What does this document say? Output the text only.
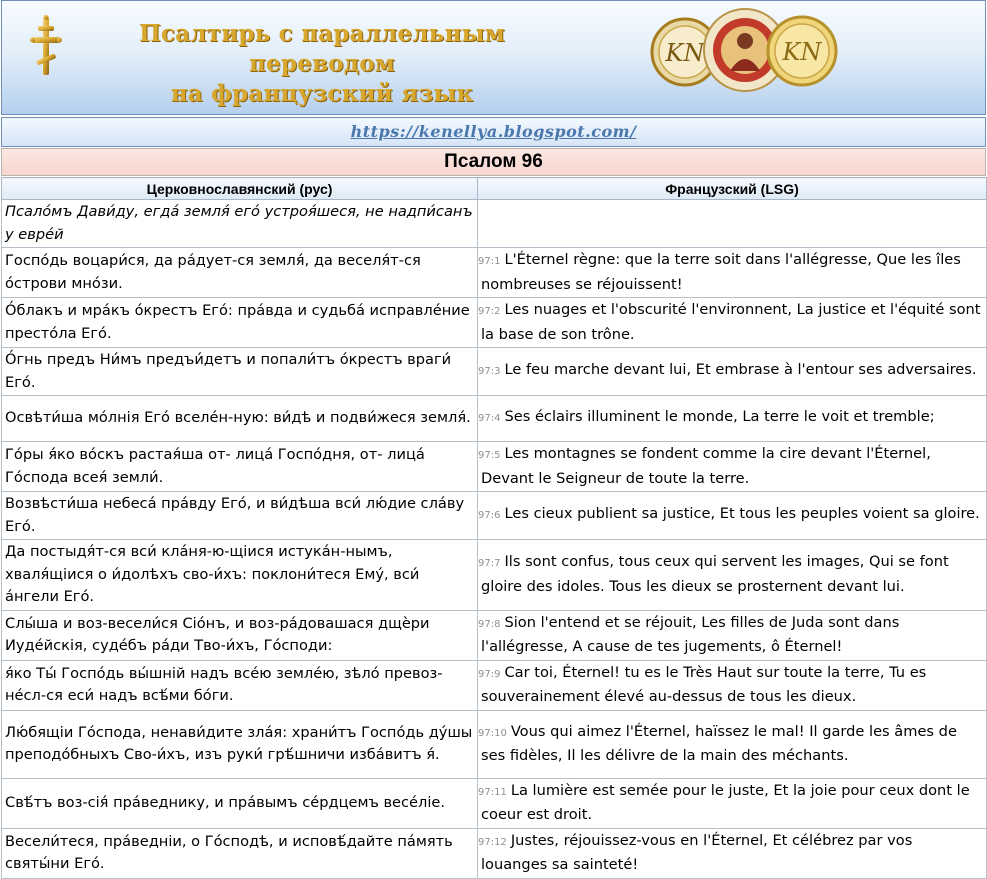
Псалтирь с параллельным переводом
на французский язык
KN	KN
https://kenellya.blogspot.com/
Псалом 96
Церковнославянский (рус)	Французский (LSG)
Псало́мъ Дави́ду, егда́ земля́ его́ устроя́шеся, не надпи́санъ у евре́й	
Госпо́дь воцари́ся, да ра́дует-ся земля́, да веселя́т-ся о́строви мно́зи.	97:1 L'Éternel règne: que la terre soit dans l'allégresse, Que les îles nombreuses se réjouissent!
О́блакъ и мра́къ о́крестъ Его́: пра́вда и судьба́ исправле́ние престо́ла Его́.	97:2 Les nuages et l'obscurité l'environnent, La justice et l'équité sont la base de son trône.
О́гнь предъ Ни́мъ предъи́детъ и попали́тъ о́крестъ враги́ Его́.	97:3 Le feu marche devant lui, Et embrase à l'entour ses adversaires.
Освѣти́ша мо́лнія Его́ вселе́н-ную: ви́дѣ и подви́жеся земля́.	97:4 Ses éclairs illuminent le monde, La terre le voit et tremble;
Го́ры я́ко во́скъ растая́ша от- лица́ Госпо́дня, от- лица́ Го́спода всея́ земли́.	97:5 Les montagnes se fondent comme la cire devant l'Éternel, Devant le Seigneur de toute la terre.
Возвѣсти́ша небеса́ пра́вду Его́, и ви́дѣша вси́ лю́дие сла́ву Его́.	97:6 Les cieux publient sa justice, Et tous les peuples voient sa gloire.
Да постыдя́т-ся вси́ кла́ня-ю-щіися истука́н-нымъ, хваля́щіися о и́долѣхъ сво-и́хъ: поклони́теся Ему́, вси́ а́нгели Его́.	97:7 Ils sont confus, tous ceux qui servent les images, Qui se font gloire des idoles. Tous les dieux se prosternent devant lui.
Слы́ша и воз-весели́ся Сіо́нъ, и воз-ра́довашася дщѐри Иуде́йскія, суде́бъ ра́ди Тво-и́хъ, Го́споди:	97:8 Sion l'entend et se réjouit, Les filles de Juda sont dans l'allégresse, A cause de tes jugements, ô Éternel!
я́ко Ты́ Госпо́дь вы́шній надъ все́ю земле́ю, зѣло́ превоз-не́сл-ся еси́ надъ всѣ́ми бо́ги.	97:9 Car toi, Éternel! tu es le Très Haut sur toute la terre, Tu es souverainement élevé au-dessus de tous les dieux.
Лю́бящіи Го́спода, ненави́дите зла́я: храни́тъ Госпо́дь ду́шы преподо́бныхъ Сво-и́хъ, изъ руки́ грѣ́шничи изба́витъ я́.	97:10 Vous qui aimez l'Éternel, haïssez le mal! Il garde les âmes de ses fidèles, Il les délivre de la main des méchants.
Свѣ́тъ воз-сія́ пра́веднику, и пра́вымъ се́рдцемъ весе́ліе.	97:11 La lumière est semée pour le juste, Et la joie pour ceux dont le coeur est droit.
Весели́теся, пра́ведніи, о Го́сподѣ, и исповѣ́дайте па́мять святы́ни Его́.	97:12 Justes, réjouissez-vous en l'Éternel, Et célébrez par vos louanges sa sainteté!
